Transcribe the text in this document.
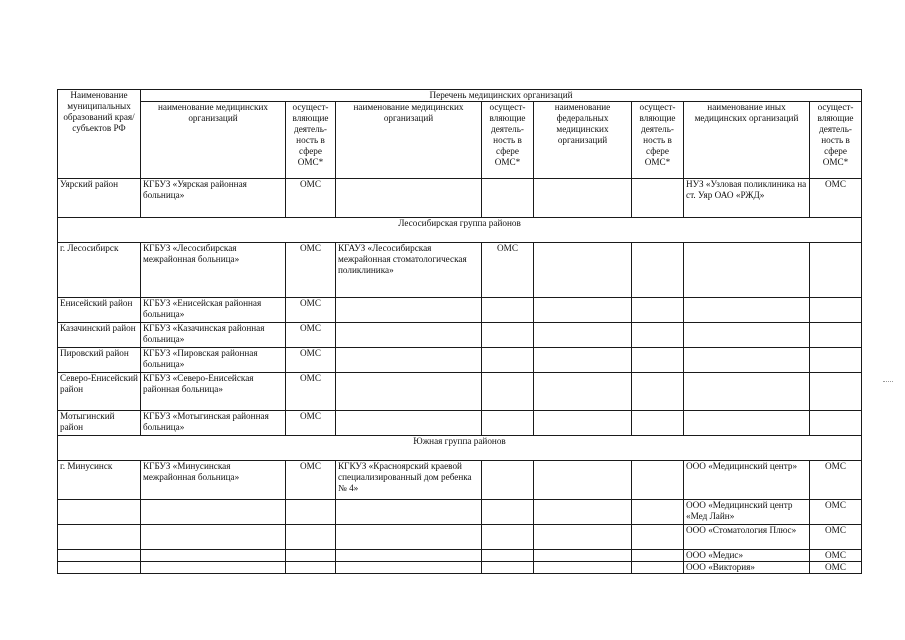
Наименование муниципальных образований края/субъектов РФ	Перечень медицинских организаций							
	наименование медицинских организаций	осущест-вляющие деятель-ность в сфере ОМС*	наименование медицинских организаций	осущест-вляющие деятель-ность в сфере ОМС*	наименование федеральных медицинских организаций	осущест-вляющие деятель-ность в сфере ОМС*	наименование иных медицинских организаций	осущест-вляющие деятель-ность в сфере ОМС*
Уярский район	КГБУЗ «Уярская районная больница»	ОМС					НУЗ «Узловая поликлиника на ст. Уяр ОАО «РЖД»	ОМС
Лесосибирская группа районов								
г. Лесосибирск	КГБУЗ «Лесосибирская межрайонная больница»	ОМС	КГАУЗ «Лесосибирская межрайонная стоматологическая поликлиника»	ОМС				
Енисейский район	КГБУЗ «Енисейская районная больница»	ОМС						
Казачинский район	КГБУЗ «Казачинская районная больница»	ОМС						
Пировский район	КГБУЗ «Пировская районная больница»	ОМС						
Северо-Енисейский район	КГБУЗ «Северо-Енисейская районная больница»	ОМС						
Мотыгинский район	КГБУЗ «Мотыгинская районная больница»	ОМС						
Южная группа районов								
г. Минусинск	КГБУЗ «Минусинская межрайонная больница»	ОМС	КГКУЗ «Красноярский краевой специализированный дом ребенка № 4»				ООО «Медицинский центр»	ОМС
							ООО «Медицинский центр «Мед Лайн»	ОМС
							ООО «Стоматология Плюс»	ОМС
							ООО «Медис»	ОМС
							ООО «Виктория»	ОМС
